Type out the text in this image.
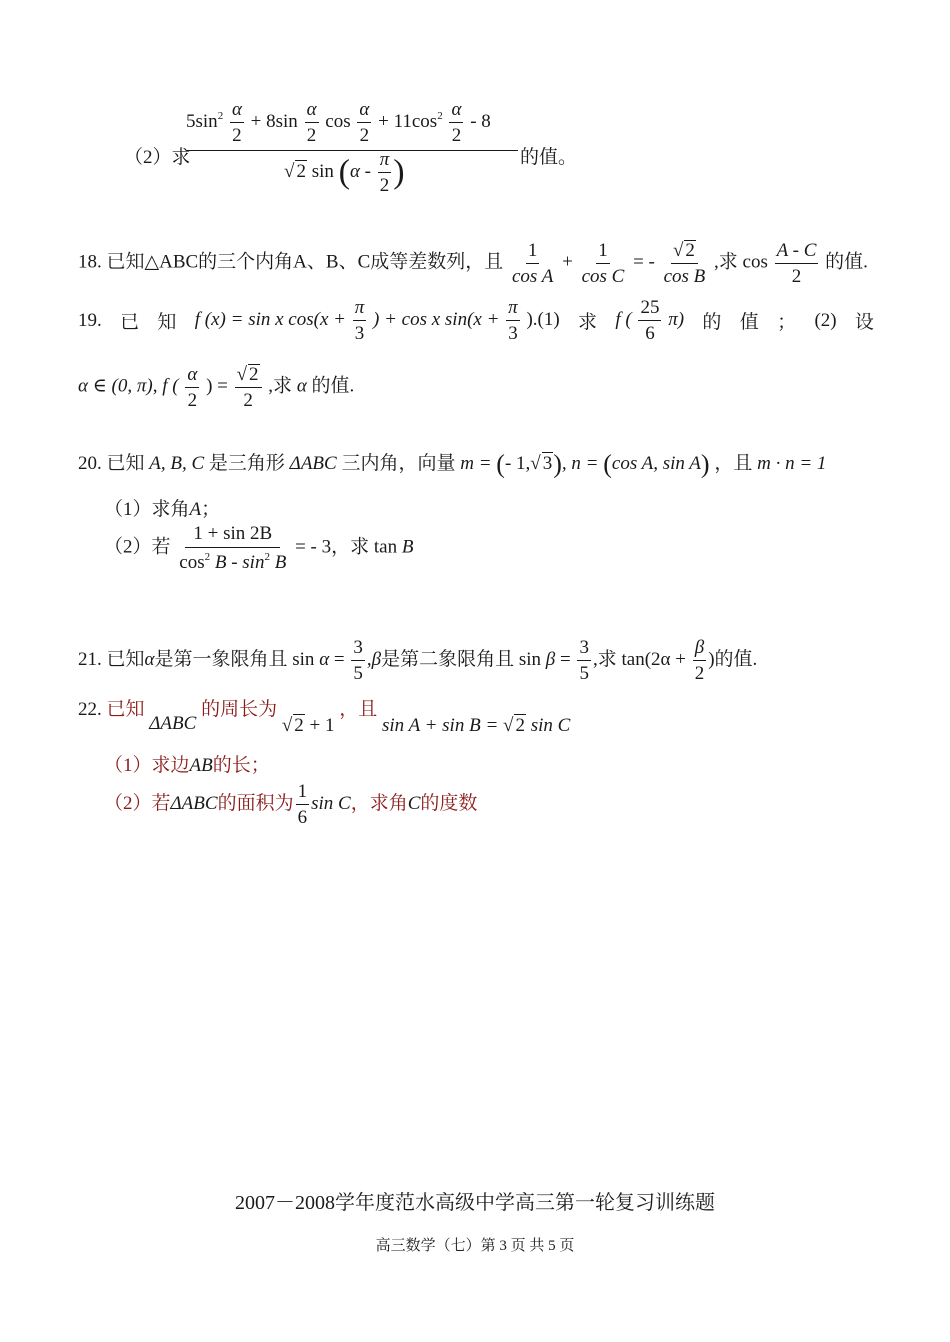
（2）求
$5\sin^2 \frac{\alpha}{2} + 8\sin \frac{\alpha}{2}$ $\cos \frac{\alpha}{2} + 11\cos^2 \frac{\alpha}{2} - 8$
√ 2 $\sin (\alpha - \frac{\pi}{2}$ )	的值。
18. 已知△ABC的三个内角A、B、C成等差数列，且 $\frac{1}{\text{cos A}} + \frac{1}{\text{cos C}}$ = - $\frac{√ 2}{\text{cos B}}$ ,求 $\cos \frac{A - C}{2}$ 的值.
19. 已 知 f (x) = sin x $\cos(x + \frac{\pi}{3}$ ) + cos x $\sin(x + \frac{\pi}{3} ).(1)$ 求 f ( $\frac{25}{6} \pi$) 的 值 ； (2) 设
α ∈ (0, π), f ( $\frac{\alpha}{2}$ ) = $\frac{√ 2}{2}$ ,求 α 的值.
20. 已知 A, B, C 是三角形 ΔABC 三内角，向量 m = (- 1,√ 3), n = (cos A, sin A) ，且 m · n = 1
（1）求角A；
（2）若 $\frac{1 + \sin 2B}{\cos^2 B - \sin^2 B}$ = - 3，求 tan B
21. 已知α是第一象限角且 $\sin \alpha = \frac{3}{5} ,\beta$是第二象限角且 $\sin \beta = \frac{3}{5}$ ,求 $\tan(2\alpha + \frac{\beta}{2}$ )的值.
22. 已知 ΔABC 的周长为 √ 2 + 1 ，且 sin A + sin B = √ 2 sin C
（1）求边AB的长；
（2）若ΔABC的面积为 $\frac{1}{6}$ sin C，求角C的度数
2007－2008学年度范水高级中学高三第一轮复习训练题
高三数学（七）第 3 页 共 5 页
